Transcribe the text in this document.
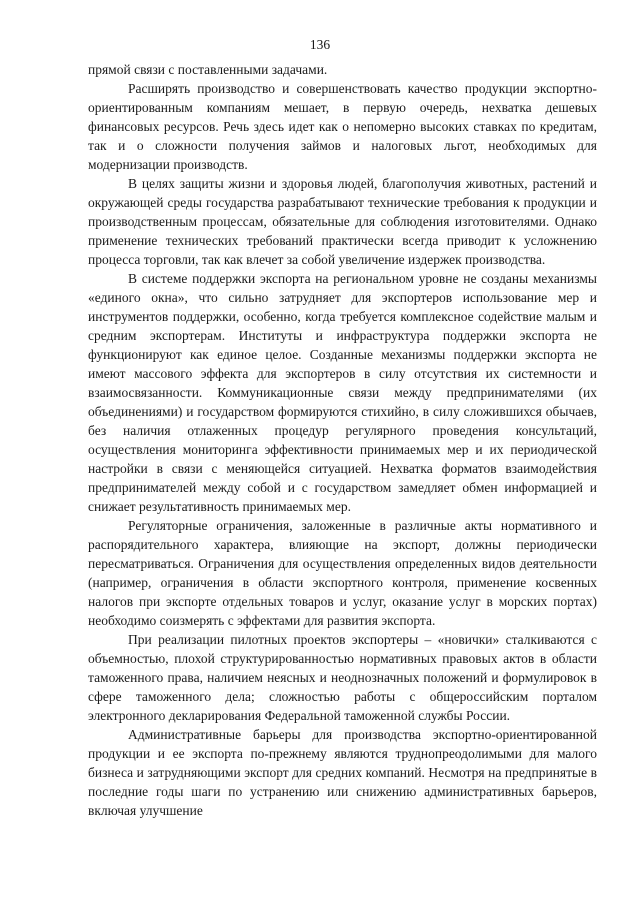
136

прямой связи с поставленными задачами.

Расширять производство и совершенствовать качество продукции экспортно-ориентированным компаниям мешает, в первую очередь, нехватка дешевых финансовых ресурсов. Речь здесь идет как о непомерно высоких ставках по кредитам, так и о сложности получения займов и налоговых льгот, необходимых для модернизации производств.

В целях защиты жизни и здоровья людей, благополучия животных, растений и окружающей среды государства разрабатывают технические требования к продукции и производственным процессам, обязательные для соблюдения изготовителями. Однако применение технических требований практически всегда приводит к усложнению процесса торговли, так как влечет за собой увеличение издержек производства.

В системе поддержки экспорта на региональном уровне не созданы механизмы «единого окна», что сильно затрудняет для экспортеров использование мер и инструментов поддержки, особенно, когда требуется комплексное содействие малым и средним экспортерам. Институты и инфраструктура поддержки экспорта не функционируют как единое целое. Созданные механизмы поддержки экспорта не имеют массового эффекта для экспортеров в силу отсутствия их системности и взаимосвязанности. Коммуникационные связи между предпринимателями (их объединениями) и государством формируются стихийно, в силу сложившихся обычаев, без наличия отлаженных процедур регулярного проведения консультаций, осуществления мониторинга эффективности принимаемых мер и их периодической настройки в связи с меняющейся ситуацией. Нехватка форматов взаимодействия предпринимателей между собой и с государством замедляет обмен информацией и снижает результативность принимаемых мер.

Регуляторные ограничения, заложенные в различные акты нормативного и распорядительного характера, влияющие на экспорт, должны периодически пересматриваться. Ограничения для осуществления определенных видов деятельности (например, ограничения в области экспортного контроля, применение косвенных налогов при экспорте отдельных товаров и услуг, оказание услуг в морских портах) необходимо соизмерять с эффектами для развития экспорта.

При реализации пилотных проектов экспортеры – «новички» сталкиваются с объемностью, плохой структурированностью нормативных правовых актов в области таможенного права, наличием неясных и неоднозначных положений и формулировок в сфере таможенного дела; сложностью работы с общероссийским порталом электронного декларирования Федеральной таможенной службы России.

Административные барьеры для производства экспортно-ориентированной продукции и ее экспорта по-прежнему являются труднопреодолимыми для малого бизнеса и затрудняющими экспорт для средних компаний. Несмотря на предпринятые в последние годы шаги по устранению или снижению административных барьеров, включая улучшение
